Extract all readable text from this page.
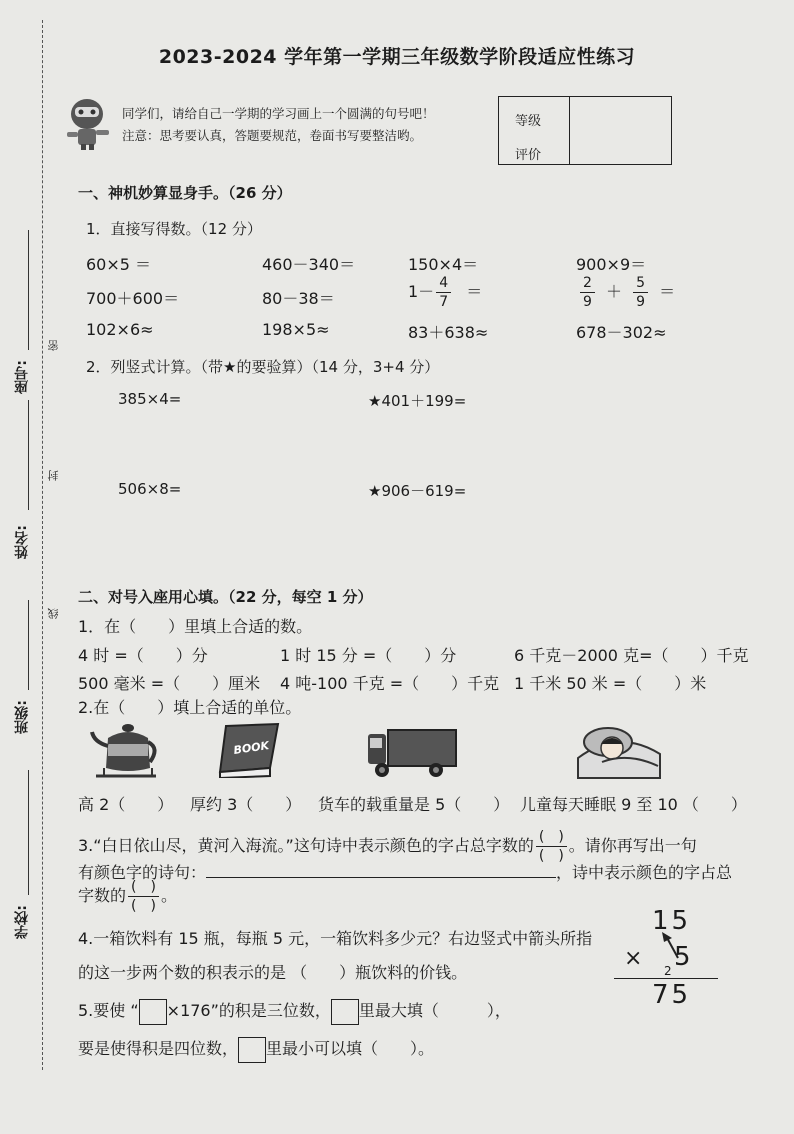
座号:
姓名:
班级:
学校:
密
封
线
2023-2024 学年第一学期三年级数学阶段适应性练习
同学们，请给自己一学期的学习画上一个圆满的句号吧！
注意：思考要认真，答题要规范，卷面书写要整洁哟。
等级
评价
一、神机妙算显身手。（26 分）
1．直接写得数。（12 分）
60×5 ＝	460－340＝	150×4＝	900×9＝
700＋600＝	80－38＝	$1- \frac{4}{7}$ ＝	$\frac{2}{9} + \frac{5}{9}$ ＝
102×6≈	198×5≈	83＋638≈	678－302≈
2．列竖式计算。（带★的要验算）（14 分，3+4 分）
385×4=	★401＋199=
506×8=	★906－619=
二、对号入座用心填。（22 分，每空 1 分）
1．在（　　）里填上合适的数。
4 时 =（　　）分	1 时 15 分 =（　　）分	6 千克－2000 克=（　　）千克
500 毫米 =（　　）厘米 4 吨-100 千克 =（　　）千克 1 千米 50 米 =（　　）米
2.在（　　）填上合适的单位。
BOOK
高 2（　　） 厚约 3（　　） 货车的载重量是 5（　　） 儿童每天睡眠 9 至 10 （　　）
3.“白日依山尽，黄河入海流。”这句诗中表示颜色的字占总字数的 $\frac{( )}{( )}$ 。请你再写出一句
有颜色字的诗句：	，诗中表示颜色的字占总
字数的 $\frac{( )}{( )}$ 。
4.一箱饮料有 15 瓶，每瓶 5 元，一箱饮料多少元？右边竖式中箭头所指
的这一步两个数的积表示的是 （　　）瓶饮料的价钱。
15
× 2 5
75
5.要使 “ ×176”的积是三位数， 里最大填（　　　），
要是使得积是四位数， 里最小可以填（　　）。
